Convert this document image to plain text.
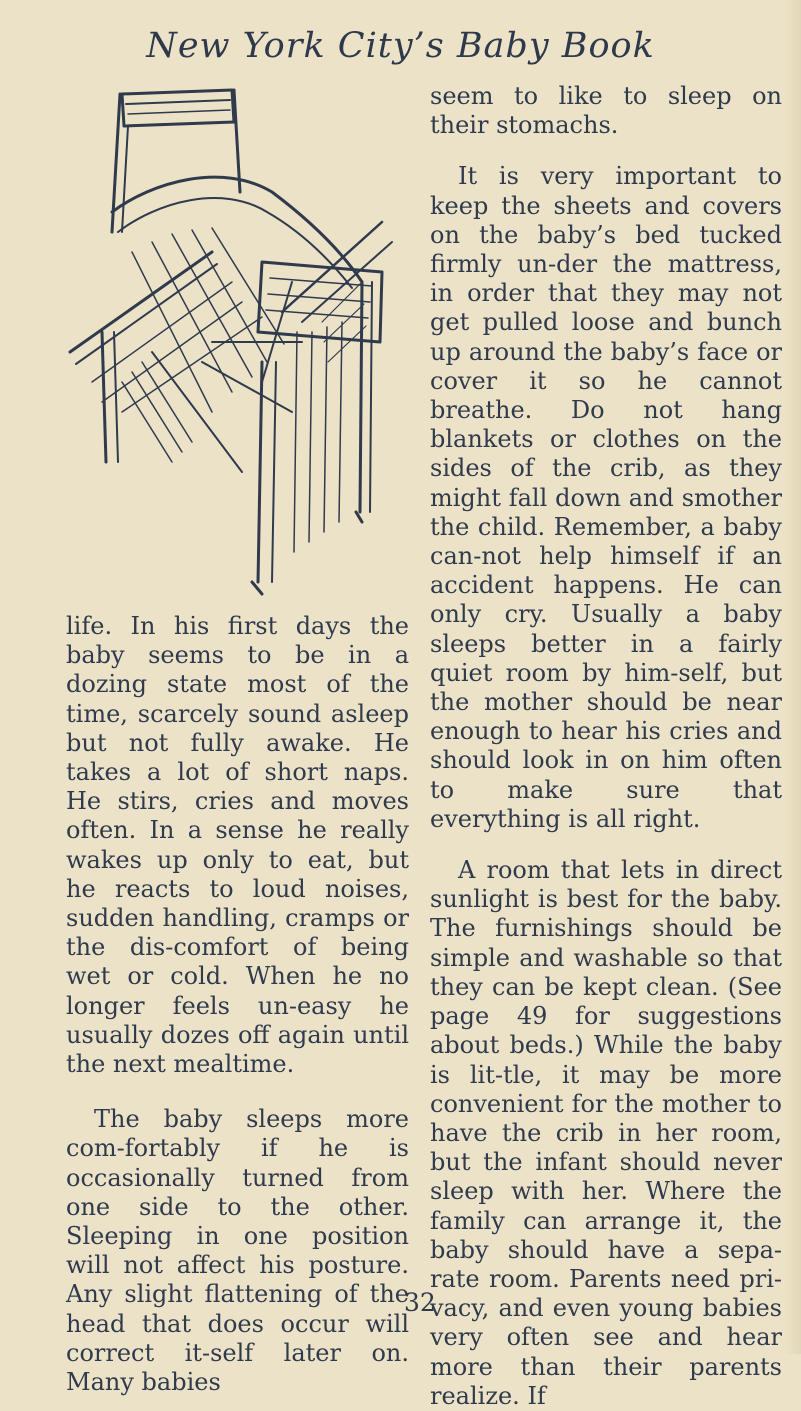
New York City’s Baby Book

life. In his first days the baby seems to be in a dozing state most of the time, scarcely sound asleep but not fully awake. He takes a lot of short naps. He stirs, cries and moves often. In a sense he really wakes up only to eat, but he reacts to loud noises, sudden handling, cramps or the dis-comfort of being wet or cold. When he no longer feels un-easy he usually dozes off again until the next mealtime.

The baby sleeps more com-fortably if he is occasionally turned from one side to the other. Sleeping in one position will not affect his posture. Any slight flattening of the head that does occur will correct it-self later on. Many babies

seem to like to sleep on their stomachs.

It is very important to keep the sheets and covers on the baby’s bed tucked firmly un-der the mattress, in order that they may not get pulled loose and bunch up around the baby’s face or cover it so he cannot breathe. Do not hang blankets or clothes on the sides of the crib, as they might fall down and smother the child. Remember, a baby can-not help himself if an accident happens. He can only cry. Usually a baby sleeps better in a fairly quiet room by him-self, but the mother should be near enough to hear his cries and should look in on him often to make sure that everything is all right.

A room that lets in direct sunlight is best for the baby. The furnishings should be simple and washable so that they can be kept clean. (See page 49 for suggestions about beds.) While the baby is lit-tle, it may be more convenient for the mother to have the crib in her room, but the infant should never sleep with her. Where the family can arrange it, the baby should have a sepa-rate room. Parents need pri-vacy, and even young babies very often see and hear more than their parents realize. If

32
